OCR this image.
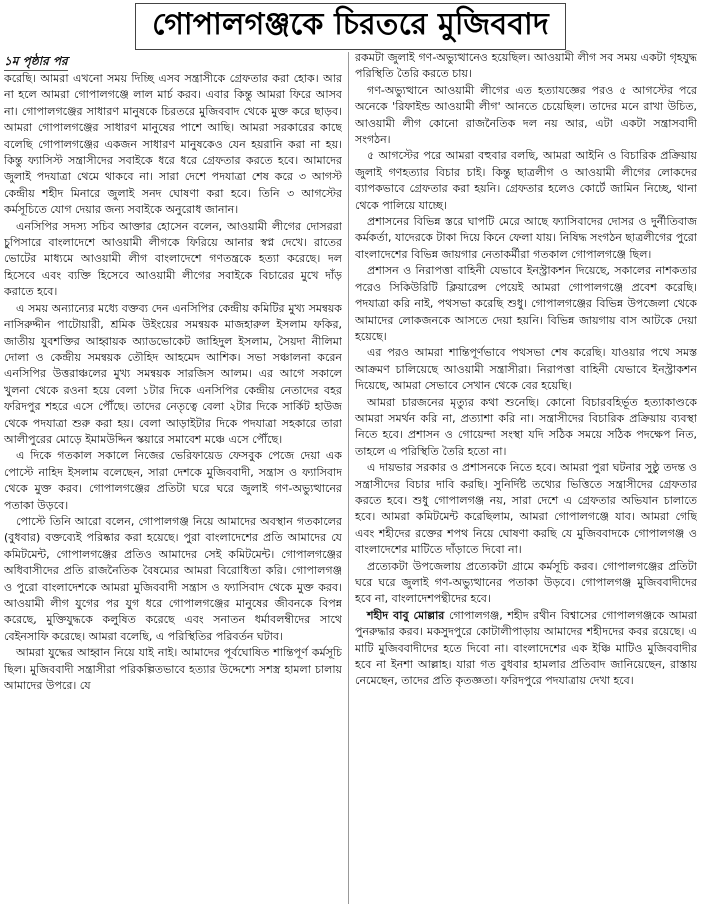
গোপালগঞ্জকে চিরতরে মুজিববাদ
১ম পৃষ্ঠার পর

করেছি। আমরা এখনো সময় দিচ্ছি এসব সন্ত্রাসীকে গ্রেফতার করা হোক। আর না হলে আমরা গোপালগঞ্জে লাল মার্চ করব। এবার কিন্তু আমরা ফিরে আসব না। গোপালগঞ্জের সাধারণ মানুষকে চিরতরে মুজিববাদ থেকে মুক্ত করে ছাড়ব। আমরা গোপালগঞ্জের সাধারণ মানুষের পাশে আছি। আমরা সরকারের কাছে বলেছি গোপালগঞ্জের একজন সাধারণ মানুষকেও যেন হয়রানি করা না হয়। কিন্তু ফ্যাসিস্ট সন্ত্রাসীদের সবাইকে ধরে ধরে গ্রেফতার করতে হবে। আমাদের জুলাই পদযাত্রা থেমে থাকবে না। সারা দেশে পদযাত্রা শেষ করে ৩ আগস্ট কেন্দ্রীয় শহীদ মিনারে জুলাই সনদ ঘোষণা করা হবে। তিনি ৩ আগস্টের কর্মসূচিতে যোগ দেয়ার জন্য সবাইকে অনুরোধ জানান।

এনসিপির সদস্য সচিব আক্তার হোসেন বলেন, আওয়ামী লীগের দোসররা চুপিসারে বাংলাদেশে আওয়ামী লীগকে ফিরিয়ে আনার স্বপ্ন দেখে। রাতের ভোটের মাধ্যমে আওয়ামী লীগ বাংলাদেশে গণতন্ত্রকে হত্যা করেছে। দল হিসেবে এবং ব্যক্তি হিসেবে আওয়ামী লীগের সবাইকে বিচারের মুখে দাঁড় করাতে হবে।

এ সময় অন্যান্যের মধ্যে বক্তব্য দেন এনসিপির কেন্দ্রীয় কমিটির মুখ্য সমন্বয়ক নাসিরুদ্দীন পাটোয়ারী, শ্রমিক উইংয়ের সমন্বয়ক মাজহারুল ইসলাম ফকির, জাতীয় যুবশক্তির আহ্বায়ক অ্যাডভোকেট জাহিদুল ইসলাম, সৈয়দা নীলিমা দোলা ও কেন্দ্রীয় সমন্বয়ক তৌহিদ আহমেদ আশিক। সভা সঞ্চালনা করেন এনসিপির উত্তরাঞ্চলের মুখ্য সমন্বয়ক সারজিস আলম। এর আগে সকালে খুলনা থেকে রওনা হয়ে বেলা ১টার দিকে এনসিপির কেন্দ্রীয় নেতাদের বহর ফরিদপুর শহরে এসে পৌঁছে। তাদের নেতৃত্বে বেলা ২টার দিকে সার্কিট হাউজ থেকে পদযাত্রা শুরু করা হয়। বেলা আড়াইটার দিকে পদযাত্রা সহকারে তারা আলীপুরের মোড়ে ইমামউদ্দিন স্কয়ারে সমাবেশ মঞ্চে এসে পৌঁছে।

এ দিকে গতকাল সকালে নিজের ভেরিফায়েড ফেসবুক পেজে দেয়া এক পোস্টে নাহিদ ইসলাম বলেছেন, সারা দেশকে মুজিববাদী, সন্ত্রাস ও ফ্যাসিবাদ থেকে মুক্ত করব। গোপালগঞ্জের প্রতিটা ঘরে ঘরে জুলাই গণ-অভ্যুত্থানের পতাকা উড়বে।

পোস্টে তিনি আরো বলেন, গোপালগঞ্জ নিয়ে আমাদের অবস্থান গতকালের (বুধবার) বক্তব্যেই পরিষ্কার করা হয়েছে। পুরা বাংলাদেশের প্রতি আমাদের যে কমিটমেন্ট, গোপালগঞ্জের প্রতিও আমাদের সেই কমিটমেন্ট। গোপালগঞ্জের অধিবাসীদের প্রতি রাজনৈতিক বৈষম্যের আমরা বিরোধিতা করি। গোপালগঞ্জ ও পুরো বাংলাদেশকে আমরা মুজিববাদী সন্ত্রাস ও ফ্যাসিবাদ থেকে মুক্ত করব। আওয়ামী লীগ যুগের পর যুগ ধরে গোপালগঞ্জের মানুষের জীবনকে বিপন্ন করেছে, মুক্তিযুদ্ধকে কলুষিত করেছে এবং সনাতন ধর্মাবলম্বীদের সাথে বেইনসাফি করেছে। আমরা বলেছি, এ পরিস্থিতির পরিবর্তন ঘটাব।

আমরা যুদ্ধের আহ্বান নিয়ে যাই নাই। আমাদের পূর্বঘোষিত শান্তিপূর্ণ কর্মসূচি ছিল। মুজিববাদী সন্ত্রাসীরা পরিকল্পিতভাবে হত্যার উদ্দেশ্যে সশস্ত্র হামলা চালায় আমাদের উপরে। যে

রকমটা জুলাই গণ-অভ্যুত্থানেও হয়েছিল। আওয়ামী লীগ সব সময় একটা গৃহযুদ্ধ পরিস্থিতি তৈরি করতে চায়।

গণ-অভ্যুত্থানে আওয়ামী লীগের এত হত্যাযজ্ঞের পরও ৫ আগস্টের পরে অনেকে 'রিফাইন্ড আওয়ামী লীগ' আনতে চেয়েছিল। তাদের মনে রাখা উচিত, আওয়ামী লীগ কোনো রাজনৈতিক দল নয় আর, এটা একটা সন্ত্রাসবাদী সংগঠন।

৫ আগস্টের পরে আমরা বহুবার বলছি, আমরা আইনি ও বিচারিক প্রক্রিয়ায় জুলাই গণহত্যার বিচার চাই। কিন্তু ছাত্রলীগ ও আওয়ামী লীগের লোকদের ব্যাপকভাবে গ্রেফতার করা হয়নি। গ্রেফতার হলেও কোর্টে জামিন নিচ্ছে, থানা থেকে পালিয়ে যাচ্ছে।

প্রশাসনের বিভিন্ন স্তরে ঘাপটি মেরে আছে ফ্যাসিবাদের দোসর ও দুর্নীতিবাজ কর্মকর্তা, যাদেরকে টাকা দিয়ে কিনে ফেলা যায়। নিষিদ্ধ সংগঠন ছাত্রলীগের পুরো বাংলাদেশের বিভিন্ন জায়গার নেতাকর্মীরা গতকাল গোপালগঞ্জে ছিল।

প্রশাসন ও নিরাপত্তা বাহিনী যেভাবে ইনস্ট্রাকশন দিয়েছে, সকালের নাশকতার পরেও সিকিউরিটি ক্লিয়ারেন্স পেয়েই আমরা গোপালগঞ্জে প্রবেশ করেছি। পদযাত্রা করি নাই, পথসভা করেছি শুধু। গোপালগঞ্জের বিভিন্ন উপজেলা থেকে আমাদের লোকজনকে আসতে দেয়া হয়নি। বিভিন্ন জায়গায় বাস আটকে দেয়া হয়েছে।

এর পরও আমরা শান্তিপূর্ণভাবে পথসভা শেষ করেছি। যাওয়ার পথে সমস্ত আক্রমণ চালিয়েছে আওয়ামী সন্ত্রাসীরা। নিরাপত্তা বাহিনী যেভাবে ইনস্ট্রাকশন দিয়েছে, আমরা সেভাবে সেখান থেকে বের হয়েছি।

আমরা চারজনের মৃত্যুর কথা শুনেছি। কোনো বিচারবহির্ভূত হত্যাকাণ্ডকে আমরা সমর্থন করি না, প্রত্যাশা করি না। সন্ত্রাসীদের বিচারিক প্রক্রিয়ায় ব্যবস্থা নিতে হবে। প্রশাসন ও গোয়েন্দা সংস্থা যদি সঠিক সময়ে সঠিক পদক্ষেপ নিত, তাহলে এ পরিস্থিতি তৈরি হতো না।

এ দায়ভার সরকার ও প্রশাসনকে নিতে হবে। আমরা পুরা ঘটনার সুষ্ঠু তদন্ত ও সন্ত্রাসীদের বিচার দাবি করছি। সুনির্দিষ্ট তথ্যের ভিত্তিতে সন্ত্রাসীদের গ্রেফতার করতে হবে। শুধু গোপালগঞ্জ নয়, সারা দেশে এ গ্রেফতার অভিযান চালাতে হবে। আমরা কমিটমেন্ট করেছিলাম, আমরা গোপালগঞ্জে যাব। আমরা গেছি এবং শহীদের রক্তের শপথ নিয়ে ঘোষণা করছি যে মুজিববাদকে গোপালগঞ্জ ও বাংলাদেশের মাটিতে দাঁড়াতে দিবো না।

প্রত্যেকটা উপজেলায় প্রত্যেকটা গ্রামে কর্মসূচি করব। গোপালগঞ্জের প্রতিটা ঘরে ঘরে জুলাই গণ-অভ্যুত্থানের পতাকা উড়বে। গোপালগঞ্জ মুজিববাদীদের হবে না, বাংলাদেশপন্থীদের হবে।

শহীদ বাবু মোল্লার গোপালগঞ্জ, শহীদ রথীন বিশ্বাসের গোপালগঞ্জকে আমরা পুনরুদ্ধার করব। মকসুদপুরে কোটালীপাড়ায় আমাদের শহীদদের কবর রয়েছে। এ মাটি মুজিববাদীদের হতে দিবো না। বাংলাদেশের এক ইঞ্চি মাটিও মুজিববাদীর হবে না ইনশা আল্লাহ। যারা গত বুধবার হামলার প্রতিবাদ জানিয়েছেন, রাস্তায় নেমেছেন, তাদের প্রতি কৃতজ্ঞতা। ফরিদপুরে পদযাত্রায় দেখা হবে।
